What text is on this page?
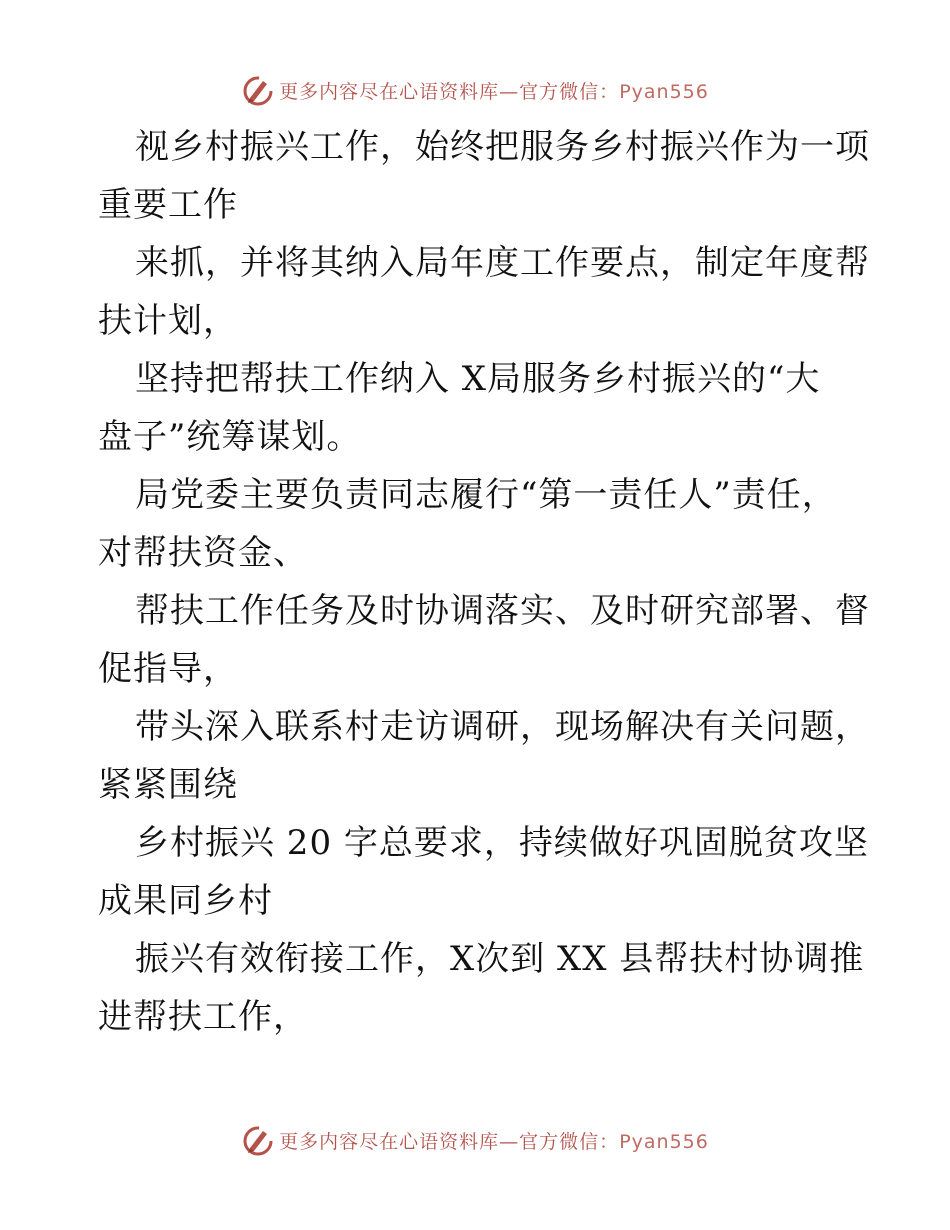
更多内容尽在心语资料库—官方微信：Pyan556
视乡村振兴工作，始终把服务乡村振兴作为一项
重要工作
来抓，并将其纳入局年度工作要点，制定年度帮
扶计划，
坚持把帮扶工作纳入 X局服务乡村振兴的“大
盘子”统筹谋划。
局党委主要负责同志履行“第一责任人”责任，
对帮扶资金、
帮扶工作任务及时协调落实、及时研究部署、督
促指导，
带头深入联系村走访调研，现场解决有关问题，
紧紧围绕
乡村振兴 20 字总要求，持续做好巩固脱贫攻坚
成果同乡村
振兴有效衔接工作，X次到 XX 县帮扶村协调推
进帮扶工作，
更多内容尽在心语资料库—官方微信：Pyan556
